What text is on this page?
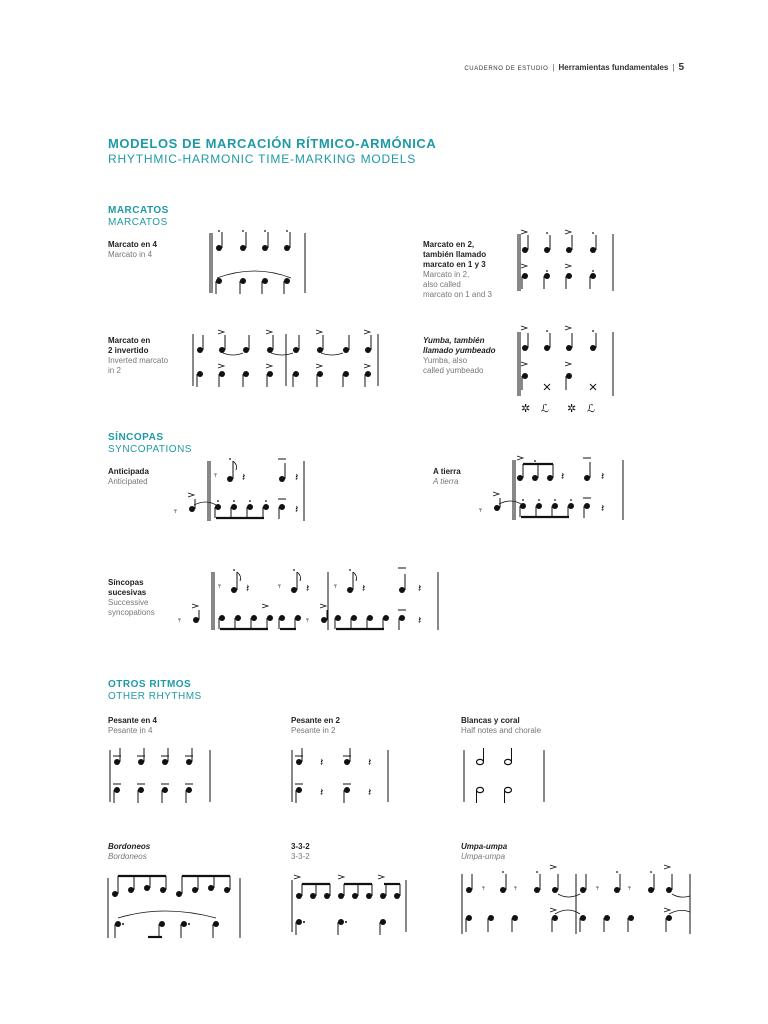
CUADERNO DE ESTUDIO | Herramientas fundamentales | 5
MODELOS DE MARCACIÓN RÍTMICO-ARMÓNICA
RHYTHMIC-HARMONIC TIME-MARKING MODELS
MARCATOS
MARCATOS
Marcato en 4
Marcato in 4
Marcato en 2,
también llamado
marcato en 1 y 3
Marcato in 2,
also called
marcato on 1 and 3
Marcato en
2 invertido
Inverted marcato
in 2
Yumba, también
llamado yumbeado
Yumba, also
called yumbeado
✲ ℒ ✲ ℒ
SÍNCOPAS
SYNCOPATIONS
Anticipada
Anticipated	𝄾 𝄽	𝄽
𝄾	𝄽
A tierra
A tierra	𝄽	𝄽
𝄾	𝄽
Síncopas
sucesivas
Successive
syncopations
𝄾 𝄽	𝄾 𝄽 𝄾 𝄽	𝄽
𝄾	𝄾	𝄽
OTROS RITMOS
OTHER RHYTHMS
Pesante en 4
Pesante in 4
Pesante en 2
Pesante in 2
𝄽	𝄽
𝄽	𝄽
Blancas y coral
Half notes and chorale
Bordoneos
Bordoneos
3-3-2
3-3-2
Umpa-umpa
Umpa-umpa
𝄾	𝄾	𝄾	𝄾
